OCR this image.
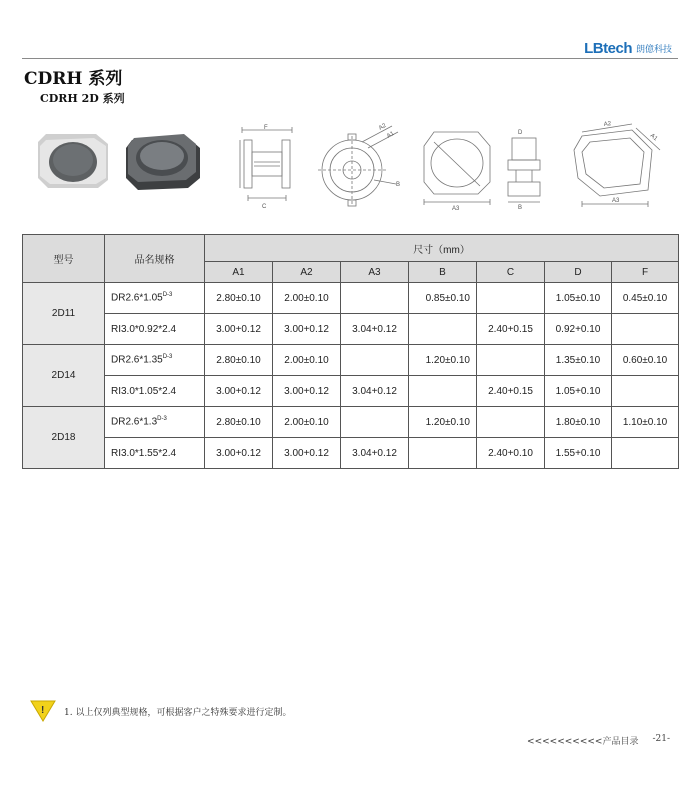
LBtech 朗億科技
CDRH 系列
CDRH 2D 系列
F
C
A2
A1
B
A3
D
B
A2
A1
A3
型号	品名规格	尺寸（mm）						
		A1	A2	A3	B	C	D	F
2D11	$DR2.6*1.05^{D-3}$	2.80±0.10	2.00±0.10		0.85±0.10		1.05±0.10	0.45±0.10
	RI3.0*0.92*2.4	3.00+0.12	3.00+0.12	3.04+0.12		2.40+0.15	0.92+0.10	
2D14	$DR2.6*1.35^{D-3}$	2.80±0.10	2.00±0.10		1.20±0.10		1.35±0.10	0.60±0.10
	RI3.0*1.05*2.4	3.00+0.12	3.00+0.12	3.04+0.12		2.40+0.15	1.05+0.10	
2D18	$DR2.6*1.3^{D-3}$	2.80±0.10	2.00±0.10		1.20±0.10		1.80±0.10	1.10±0.10
	RI3.0*1.55*2.4	3.00+0.12	3.00+0.12	3.04+0.12		2.40+0.10	1.55+0.10	
! 1. 以上仅列典型规格，可根据客户之特殊要求进行定制。
<<<<<<<<<<产品目录 -21-
